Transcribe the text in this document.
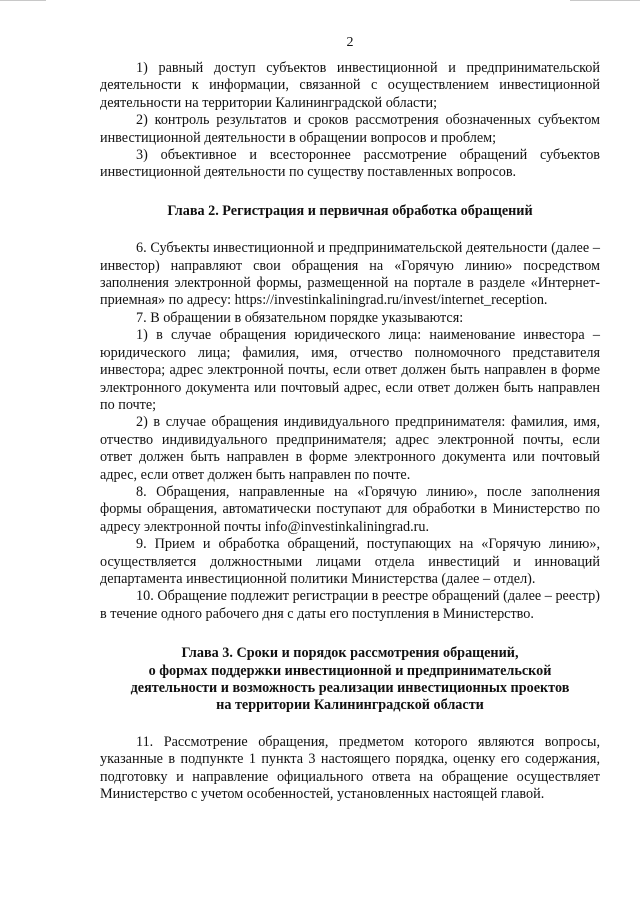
2

1) равный доступ субъектов инвестиционной и предпринимательской деятельности к информации, связанной с осуществлением инвестиционной деятельности на территории Калининградской области;

2) контроль результатов и сроков рассмотрения обозначенных субъектом инвестиционной деятельности в обращении вопросов и проблем;

3) объективное и всестороннее рассмотрение обращений субъектов инвестиционной деятельности по существу поставленных вопросов.

Глава 2. Регистрация и первичная обработка обращений

6. Субъекты инвестиционной и предпринимательской деятельности (далее – инвестор) направляют свои обращения на «Горячую линию» посредством заполнения электронной формы, размещенной на портале в разделе «Интернет-приемная» по адресу: https://investinkaliningrad.ru/invest/internet_reception.

7. В обращении в обязательном порядке указываются:

1) в случае обращения юридического лица: наименование инвестора – юридического лица; фамилия, имя, отчество полномочного представителя инвестора; адрес электронной почты, если ответ должен быть направлен в форме электронного документа или почтовый адрес, если ответ должен быть направлен по почте;

2) в случае обращения индивидуального предпринимателя: фамилия, имя, отчество индивидуального предпринимателя; адрес электронной почты, если ответ должен быть направлен в форме электронного документа или почтовый адрес, если ответ должен быть направлен по почте.

8. Обращения, направленные на «Горячую линию», после заполнения формы обращения, автоматически поступают для обработки в Министерство по адресу электронной почты info@investinkaliningrad.ru.

9. Прием и обработка обращений, поступающих на «Горячую линию», осуществляется должностными лицами отдела инвестиций и инноваций департамента инвестиционной политики Министерства (далее – отдел).

10. Обращение подлежит регистрации в реестре обращений (далее – реестр) в течение одного рабочего дня с даты его поступления в Министерство.

Глава 3. Сроки и порядок рассмотрения обращений,

о формах поддержки инвестиционной и предпринимательской

деятельности и возможность реализации инвестиционных проектов

на территории Калининградской области

11. Рассмотрение обращения, предметом которого являются вопросы, указанные в подпункте 1 пункта 3 настоящего порядка, оценку его содержания, подготовку и направление официального ответа на обращение осуществляет Министерство с учетом особенностей, установленных настоящей главой.
